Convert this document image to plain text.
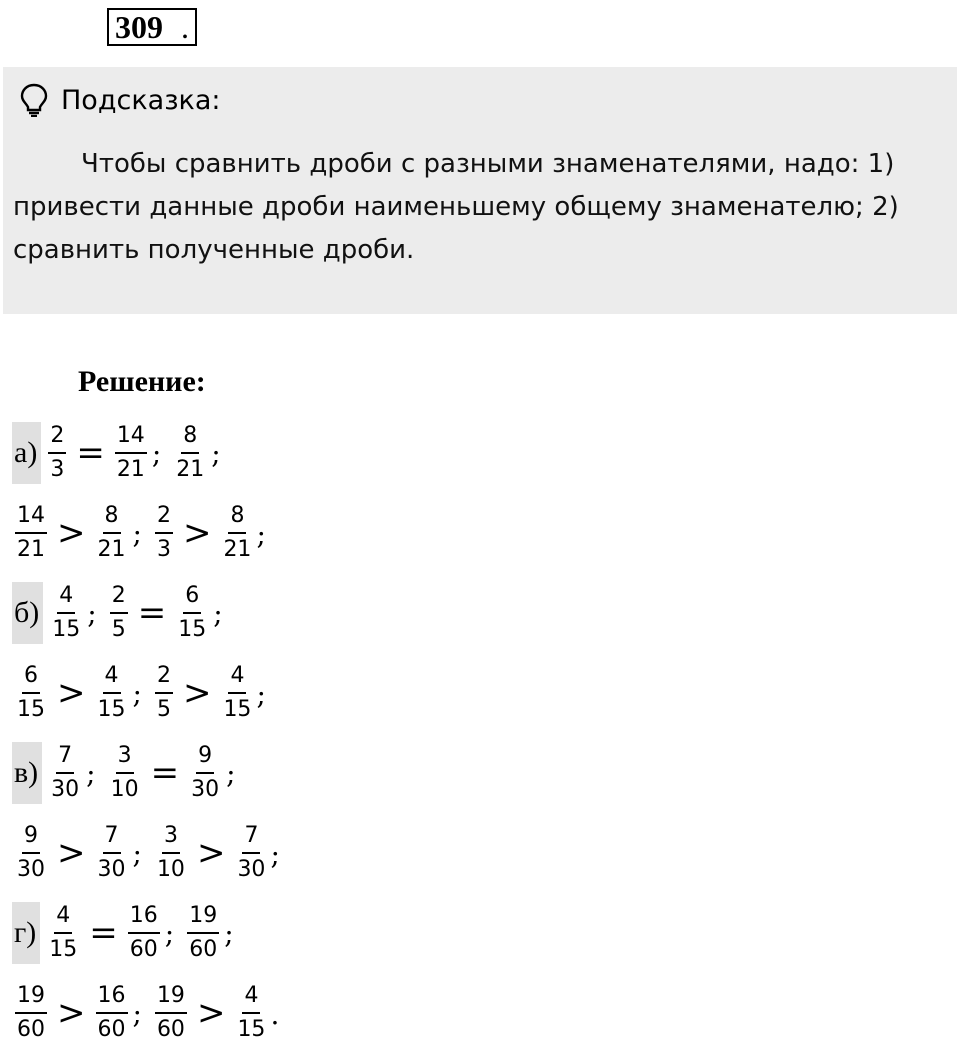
309 .
Подсказка:
Чтобы сравнить дроби с разными знаменателями, надо: 1) привести данные дроби наименьшему общему знаменателю; 2) сравнить полученные дроби.
Решение:
$а) \frac{2}{3} = \frac{14}{21}$ ; $\frac{8}{21}$ ;
$\frac{14}{21} > \frac{8}{21}$ ; $\frac{2}{3} > \frac{8}{21}$ ;
$б) \frac{4}{15}$ ; $\frac{2}{5} = \frac{6}{15}$ ;
$\frac{6}{15} > \frac{4}{15}$ ; $\frac{2}{5} > \frac{4}{15}$ ;
$в) \frac{7}{30}$ ; $\frac{3}{10} = \frac{9}{30}$ ;
$\frac{9}{30} > \frac{7}{30}$ ; $\frac{3}{10} > \frac{7}{30}$ ;
$г) \frac{4}{15} = \frac{16}{60}$ ; $\frac{19}{60}$ ;
$\frac{19}{60} > \frac{16}{60}$ ; $\frac{19}{60} > \frac{4}{15}$ .
